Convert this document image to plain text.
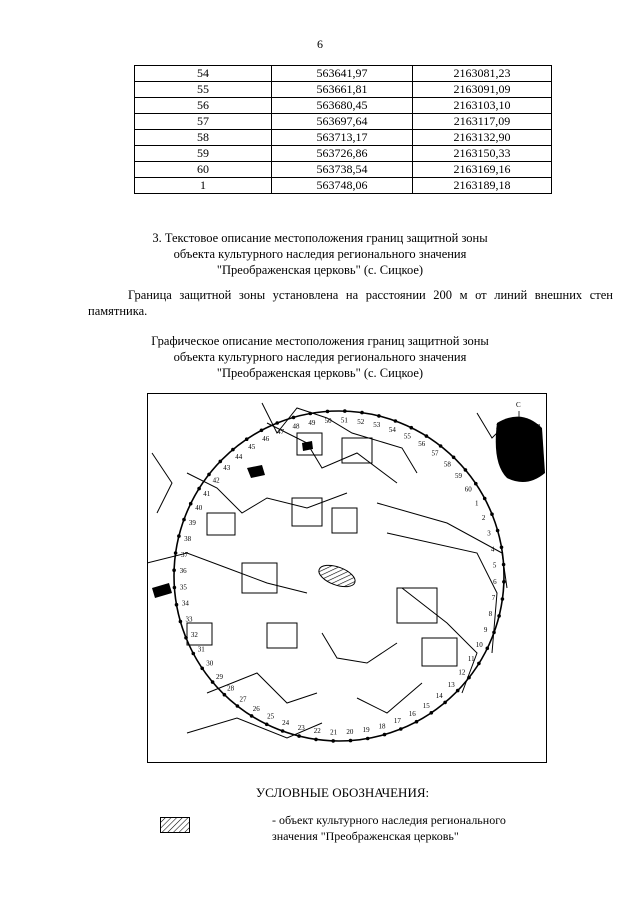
6
54	563641,97	2163081,23
55	563661,81	2163091,09
56	563680,45	2163103,10
57	563697,64	2163117,09
58	563713,17	2163132,90
59	563726,86	2163150,33
60	563738,54	2163169,16
1	563748,06	2163189,18
3. Текстовое описание местоположения границ защитной зоны
объекта культурного наследия регионального значения
"Преображенская церковь" (с. Сицкое)
Граница защитной зоны установлена на расстоянии 200 м от линий внешних стен
памятника.
Графическое описание местоположения границ защитной зоны
объекта культурного наследия регионального значения
"Преображенская церковь" (с. Сицкое)
1
2
3
4
5
6
7
8
9
10
11
12
13
14
15
16
17
18
19
20
21
22
23
24
25
26
27
28
29
30
31
32
33
34
35
36
37
38
39
40
41
42
43
44
45
46
47
48 49 50 51 52 53
54
55
56
57
58
59
60
С
Ю
В
З
УСЛОВНЫЕ ОБОЗНАЧЕНИЯ:
- объект культурного наследия регионального
значения "Преображенская церковь"
